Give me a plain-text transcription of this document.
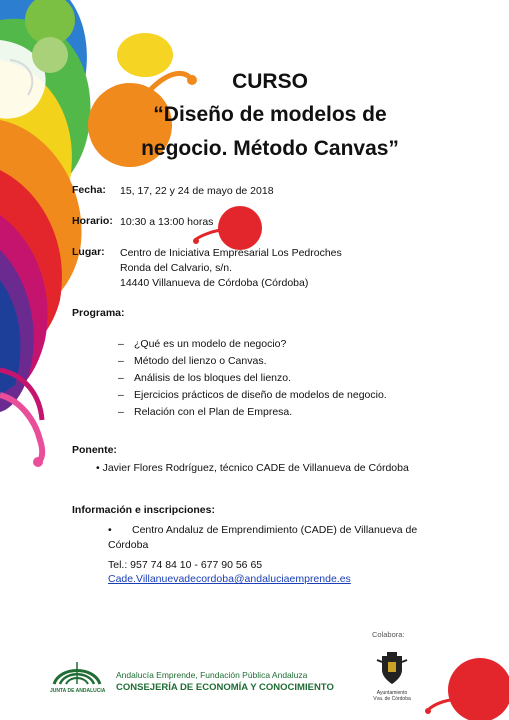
CURSO
“Diseño de modelos de
negocio. Método Canvas”
Fecha: 15, 17, 22 y 24 de mayo de 2018
Horario: 10:30 a 13:00 horas
Lugar: Centro de Iniciativa Empresarial Los Pedroches
Ronda del Calvario, s/n.
14440 Villanueva de Córdoba (Córdoba)
Programa:
– ¿Qué es un modelo de negocio?
– Método del lienzo o Canvas.
– Análisis de los bloques del lienzo.
– Ejercicios prácticos de diseño de modelos de negocio.
– Relación con el Plan de Empresa.
Ponente:
• Javier Flores Rodríguez, técnico CADE de Villanueva de Córdoba
Información e inscripciones:
• Centro Andaluz de Emprendimiento (CADE) de Villanueva de
Córdoba
Tel.: 957 74 84 10 - 677 90 56 65
Cade.Villanuevadecordoba@andaluciaemprende.es
Colabora:
JUNTA DE ANDALUCIA
Andalucía Emprende, Fundación Pública Andaluza
CONSEJERÍA DE ECONOMÍA Y CONOCIMIENTO	Ayuntamiento
Vva. de Córdoba
